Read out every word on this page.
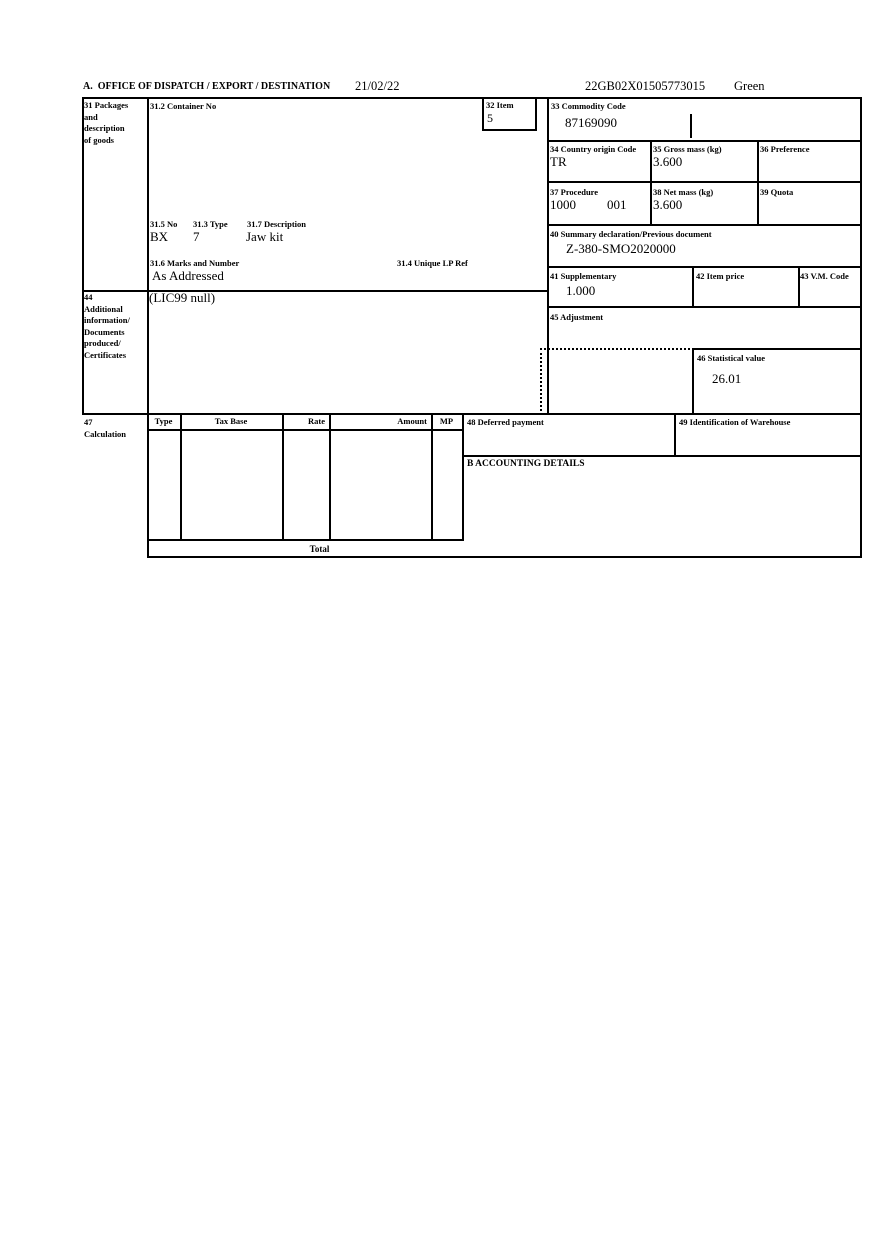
A.  OFFICE OF DISPATCH / EXPORT / DESTINATION 21/02/22	22GB02X01505773015 Green
31 Packages
and
description
of goods
44
Additional
information/
Documents
produced/
Certificates
47
Calculation
31.2 Container No	32 Item
5
31.5 No 31.3 Type 31.7 Description
BX 7	Jaw kit
31.6 Marks and Number	31.4 Unique LP Ref
As Addressed
33 Commodity Code
87169090
34 Country origin Code
TR
35 Gross mass (kg)
3.600
36 Preference
37 Procedure
1000 001
38 Net mass (kg)
3.600
39 Quota
40 Summary declaration/Previous document
Z-380-SMO2020000
41 Supplementary
1.000
42 Item price	43 V.M. Code
(LIC99 null)
45 Adjustment
46 Statistical value
26.01
Type	Tax Base	Rate	Amount	MP
Total
48 Deferred payment	49 Identification of Warehouse
B ACCOUNTING DETAILS
